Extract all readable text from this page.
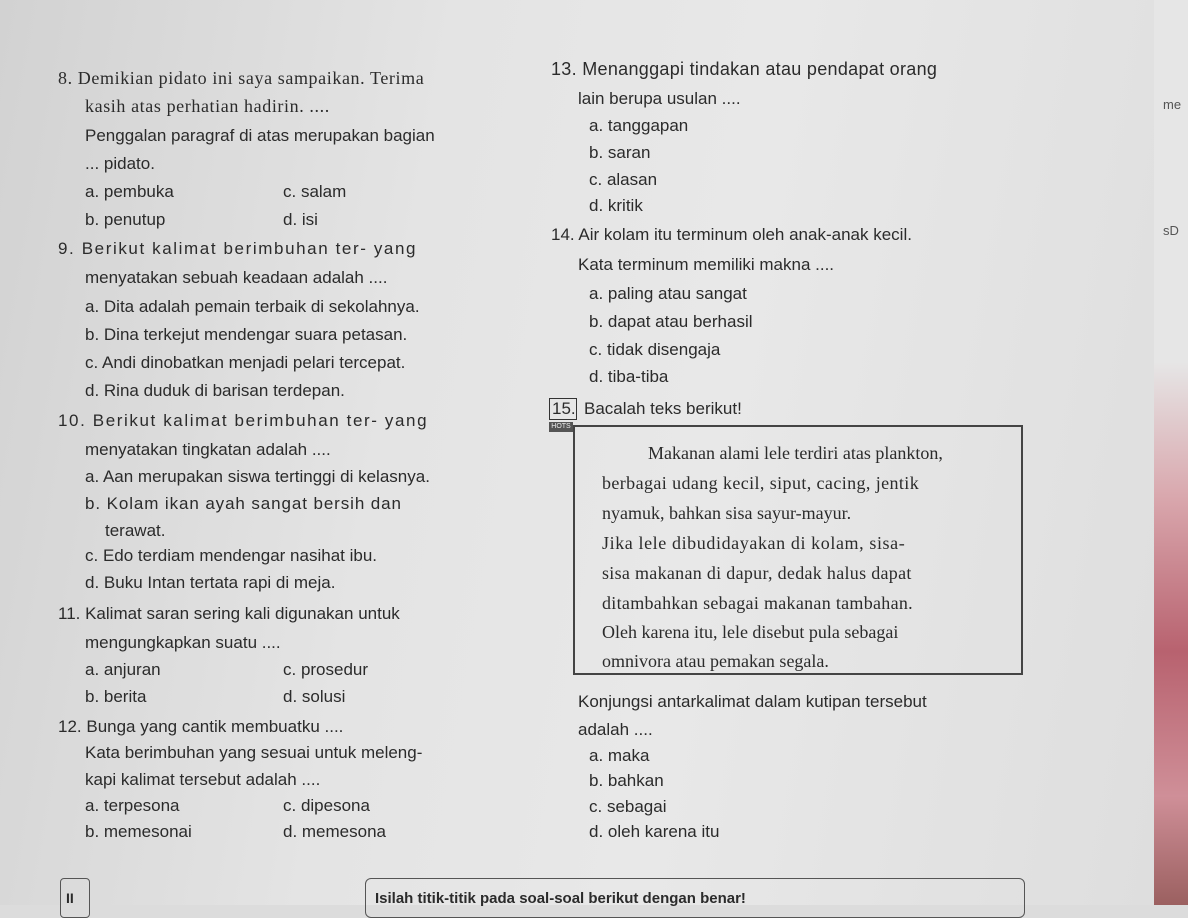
me
sD
8. Demikian pidato ini saya sampaikan. Terima
kasih atas perhatian hadirin. ....
Penggalan paragraf di atas merupakan bagian
... pidato.
a. pembuka	c. salam
b. penutup	d. isi
9. Berikut kalimat berimbuhan ter- yang
menyatakan sebuah keadaan adalah ....
a. Dita adalah pemain terbaik di sekolahnya.
b. Dina terkejut mendengar suara petasan.
c. Andi dinobatkan menjadi pelari tercepat.
d. Rina duduk di barisan terdepan.
10. Berikut kalimat berimbuhan ter- yang
menyatakan tingkatan adalah ....
a. Aan merupakan siswa tertinggi di kelasnya.
b. Kolam ikan ayah sangat bersih dan
terawat.
c. Edo terdiam mendengar nasihat ibu.
d. Buku Intan tertata rapi di meja.
11. Kalimat saran sering kali digunakan untuk
mengungkapkan suatu ....
a. anjuran	c. prosedur
b. berita	d. solusi
12. Bunga yang cantik membuatku ....
Kata berimbuhan yang sesuai untuk meleng-
kapi kalimat tersebut adalah ....
a. terpesona	c. dipesona
b. memesonai	d. memesona
13. Menanggapi tindakan atau pendapat orang
lain berupa usulan ....
a. tanggapan
b. saran
c. alasan
d. kritik
14. Air kolam itu terminum oleh anak-anak kecil.
Kata terminum memiliki makna ....
a. paling atau sangat
b. dapat atau berhasil
c. tidak disengaja
d. tiba-tiba
15.
HOTS
Bacalah teks berikut!
Makanan alami lele terdiri atas plankton,
berbagai udang kecil, siput, cacing, jentik
nyamuk, bahkan sisa sayur-mayur.
Jika lele dibudidayakan di kolam, sisa-
sisa makanan di dapur, dedak halus dapat
ditambahkan sebagai makanan tambahan.
Oleh karena itu, lele disebut pula sebagai
omnivora atau pemakan segala.
Konjungsi antarkalimat dalam kutipan tersebut
adalah ....
a. maka
b. bahkan
c. sebagai
d. oleh karena itu
II	Isilah titik-titik pada soal-soal berikut dengan benar!
